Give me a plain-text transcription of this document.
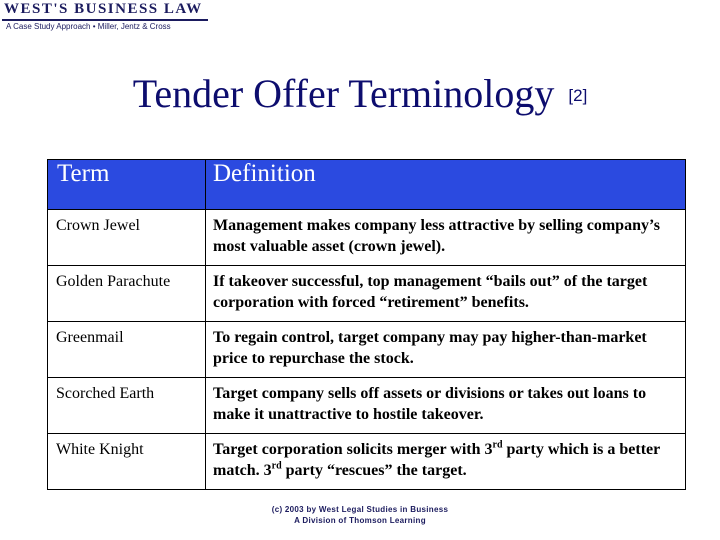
WEST'S BUSINESS LAW
A Case Study Approach • Miller, Jentz & Cross
Tender Offer Terminology [2]
Term	Definition
Crown Jewel	Management makes company less attractive by selling company’s most valuable asset (crown jewel).
Golden Parachute	If takeover successful, top management “bails out” of the target corporation with forced “retirement” benefits.
Greenmail	To regain control, target company may pay higher-than-market price to repurchase the stock.
Scorched Earth	Target company sells off assets or divisions or takes out loans to make it unattractive to hostile takeover.
White Knight	Target corporation solicits merger with 3rd party which is a better match. 3rd party “rescues” the target.
(c) 2003 by West Legal Studies in Business
A Division of Thomson Learning
